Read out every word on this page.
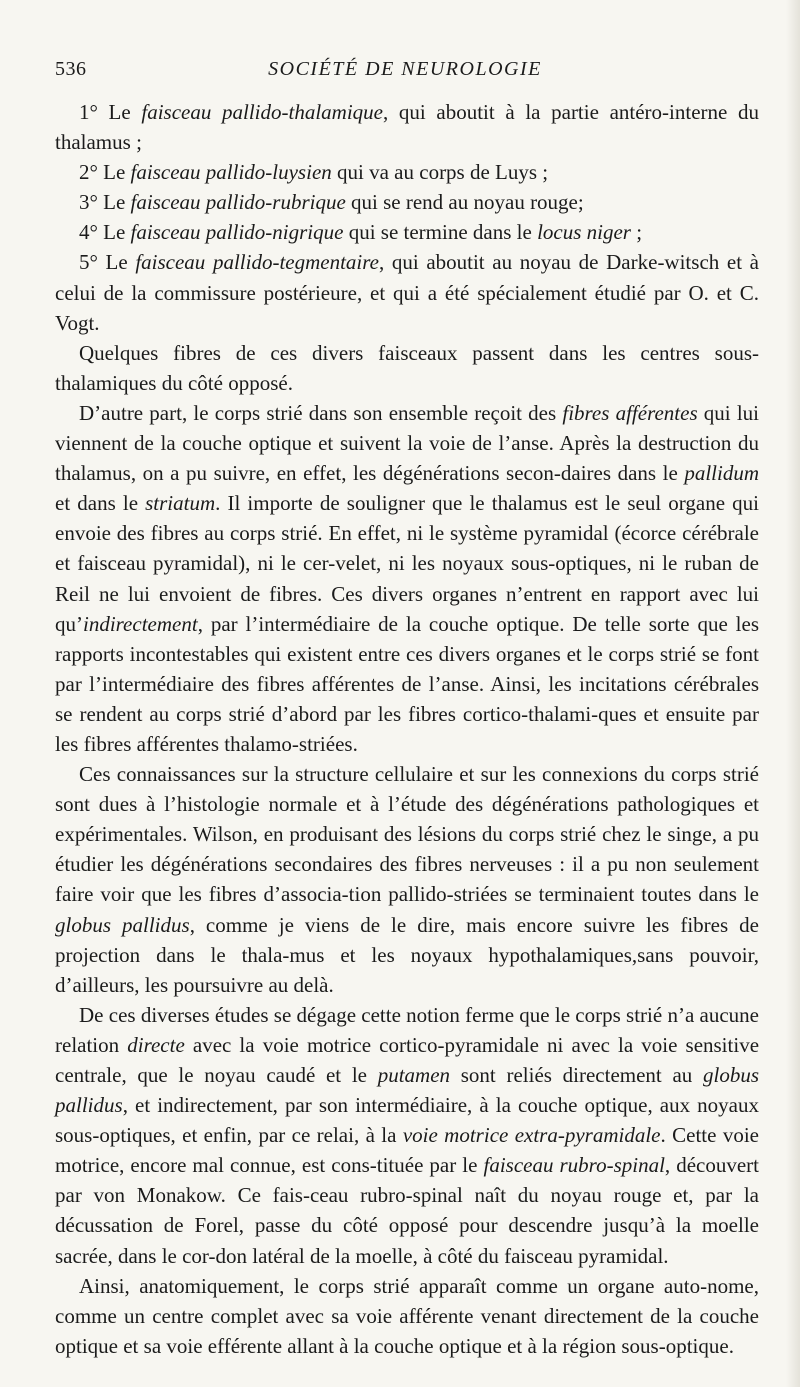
536	SOCIÉTÉ DE NEUROLOGIE

1° Le faisceau pallido-thalamique, qui aboutit à la partie antéro-interne du thalamus ;

2° Le faisceau pallido-luysien qui va au corps de Luys ;

3° Le faisceau pallido-rubrique qui se rend au noyau rouge;

4° Le faisceau pallido-nigrique qui se termine dans le locus niger ;

5° Le faisceau pallido-tegmentaire, qui aboutit au noyau de Darke-witsch et à celui de la commissure postérieure, et qui a été spécialement étudié par O. et C. Vogt.

Quelques fibres de ces divers faisceaux passent dans les centres sous-thalamiques du côté opposé.

D’autre part, le corps strié dans son ensemble reçoit des fibres afférentes qui lui viennent de la couche optique et suivent la voie de l’anse. Après la destruction du thalamus, on a pu suivre, en effet, les dégénérations secon-daires dans le pallidum et dans le striatum. Il importe de souligner que le thalamus est le seul organe qui envoie des fibres au corps strié. En effet, ni le système pyramidal (écorce cérébrale et faisceau pyramidal), ni le cer-velet, ni les noyaux sous-optiques, ni le ruban de Reil ne lui envoient de fibres. Ces divers organes n’entrent en rapport avec lui qu’indirectement, par l’intermédiaire de la couche optique. De telle sorte que les rapports incontestables qui existent entre ces divers organes et le corps strié se font par l’intermédiaire des fibres afférentes de l’anse. Ainsi, les incitations cérébrales se rendent au corps strié d’abord par les fibres cortico-thalami-ques et ensuite par les fibres afférentes thalamo-striées.

Ces connaissances sur la structure cellulaire et sur les connexions du corps strié sont dues à l’histologie normale et à l’étude des dégénérations pathologiques et expérimentales. Wilson, en produisant des lésions du corps strié chez le singe, a pu étudier les dégénérations secondaires des fibres nerveuses : il a pu non seulement faire voir que les fibres d’associa-tion pallido-striées se terminaient toutes dans le globus pallidus, comme je viens de le dire, mais encore suivre les fibres de projection dans le thala-mus et les noyaux hypothalamiques,sans pouvoir, d’ailleurs, les poursuivre au delà.

De ces diverses études se dégage cette notion ferme que le corps strié n’a aucune relation directe avec la voie motrice cortico-pyramidale ni avec la voie sensitive centrale, que le noyau caudé et le putamen sont reliés directement au globus pallidus, et indirectement, par son intermédiaire, à la couche optique, aux noyaux sous-optiques, et enfin, par ce relai, à la voie motrice extra-pyramidale. Cette voie motrice, encore mal connue, est cons-tituée par le faisceau rubro-spinal, découvert par von Monakow. Ce fais-ceau rubro-spinal naît du noyau rouge et, par la décussation de Forel, passe du côté opposé pour descendre jusqu’à la moelle sacrée, dans le cor-don latéral de la moelle, à côté du faisceau pyramidal.

Ainsi, anatomiquement, le corps strié apparaît comme un organe auto-nome, comme un centre complet avec sa voie afférente venant directement de la couche optique et sa voie efférente allant à la couche optique et à la région sous-optique.
